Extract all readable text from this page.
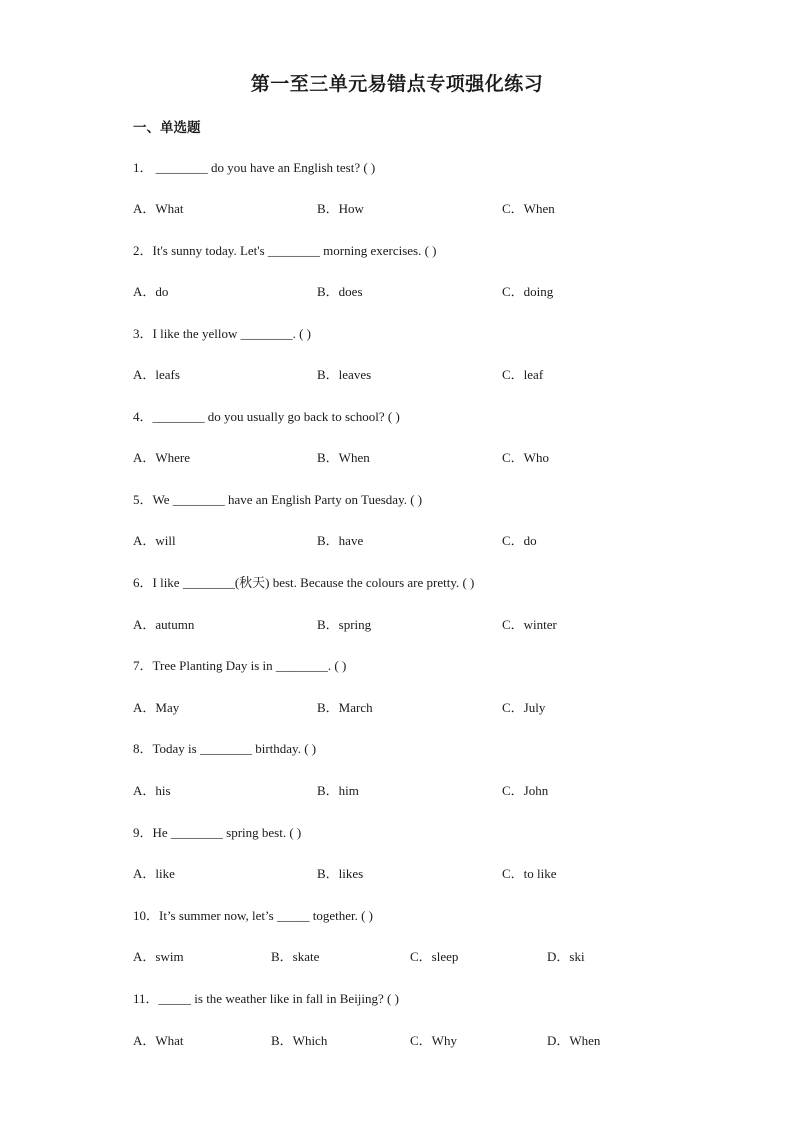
第一至三单元易错点专项强化练习
一、单选题
1． ________ do you have an English test? ( )
A．What	B．How	C．When
2．It's sunny today. Let's ________ morning exercises. ( )
A．do	B．does	C．doing
3．I like the yellow ________. ( )
A．leafs	B．leaves	C．leaf
4．________ do you usually go back to school? ( )
A．Where	B．When	C．Who
5．We ________ have an English Party on Tuesday. ( )
A．will	B．have	C．do
6．I like ________(秋天) best. Because the colours are pretty. ( )
A．autumn	B．spring	C．winter
7．Tree Planting Day is in ________. ( )
A．May	B．March	C．July
8．Today is ________ birthday. ( )
A．his	B．him	C．John
9．He ________ spring best. ( )
A．like	B．likes	C．to like
10．It’s summer now, let’s _____ together. ( )
A．swim	B．skate	C．sleep	D．ski
11．_____ is the weather like in fall in Beijing? ( )
A．What	B．Which	C．Why	D．When
